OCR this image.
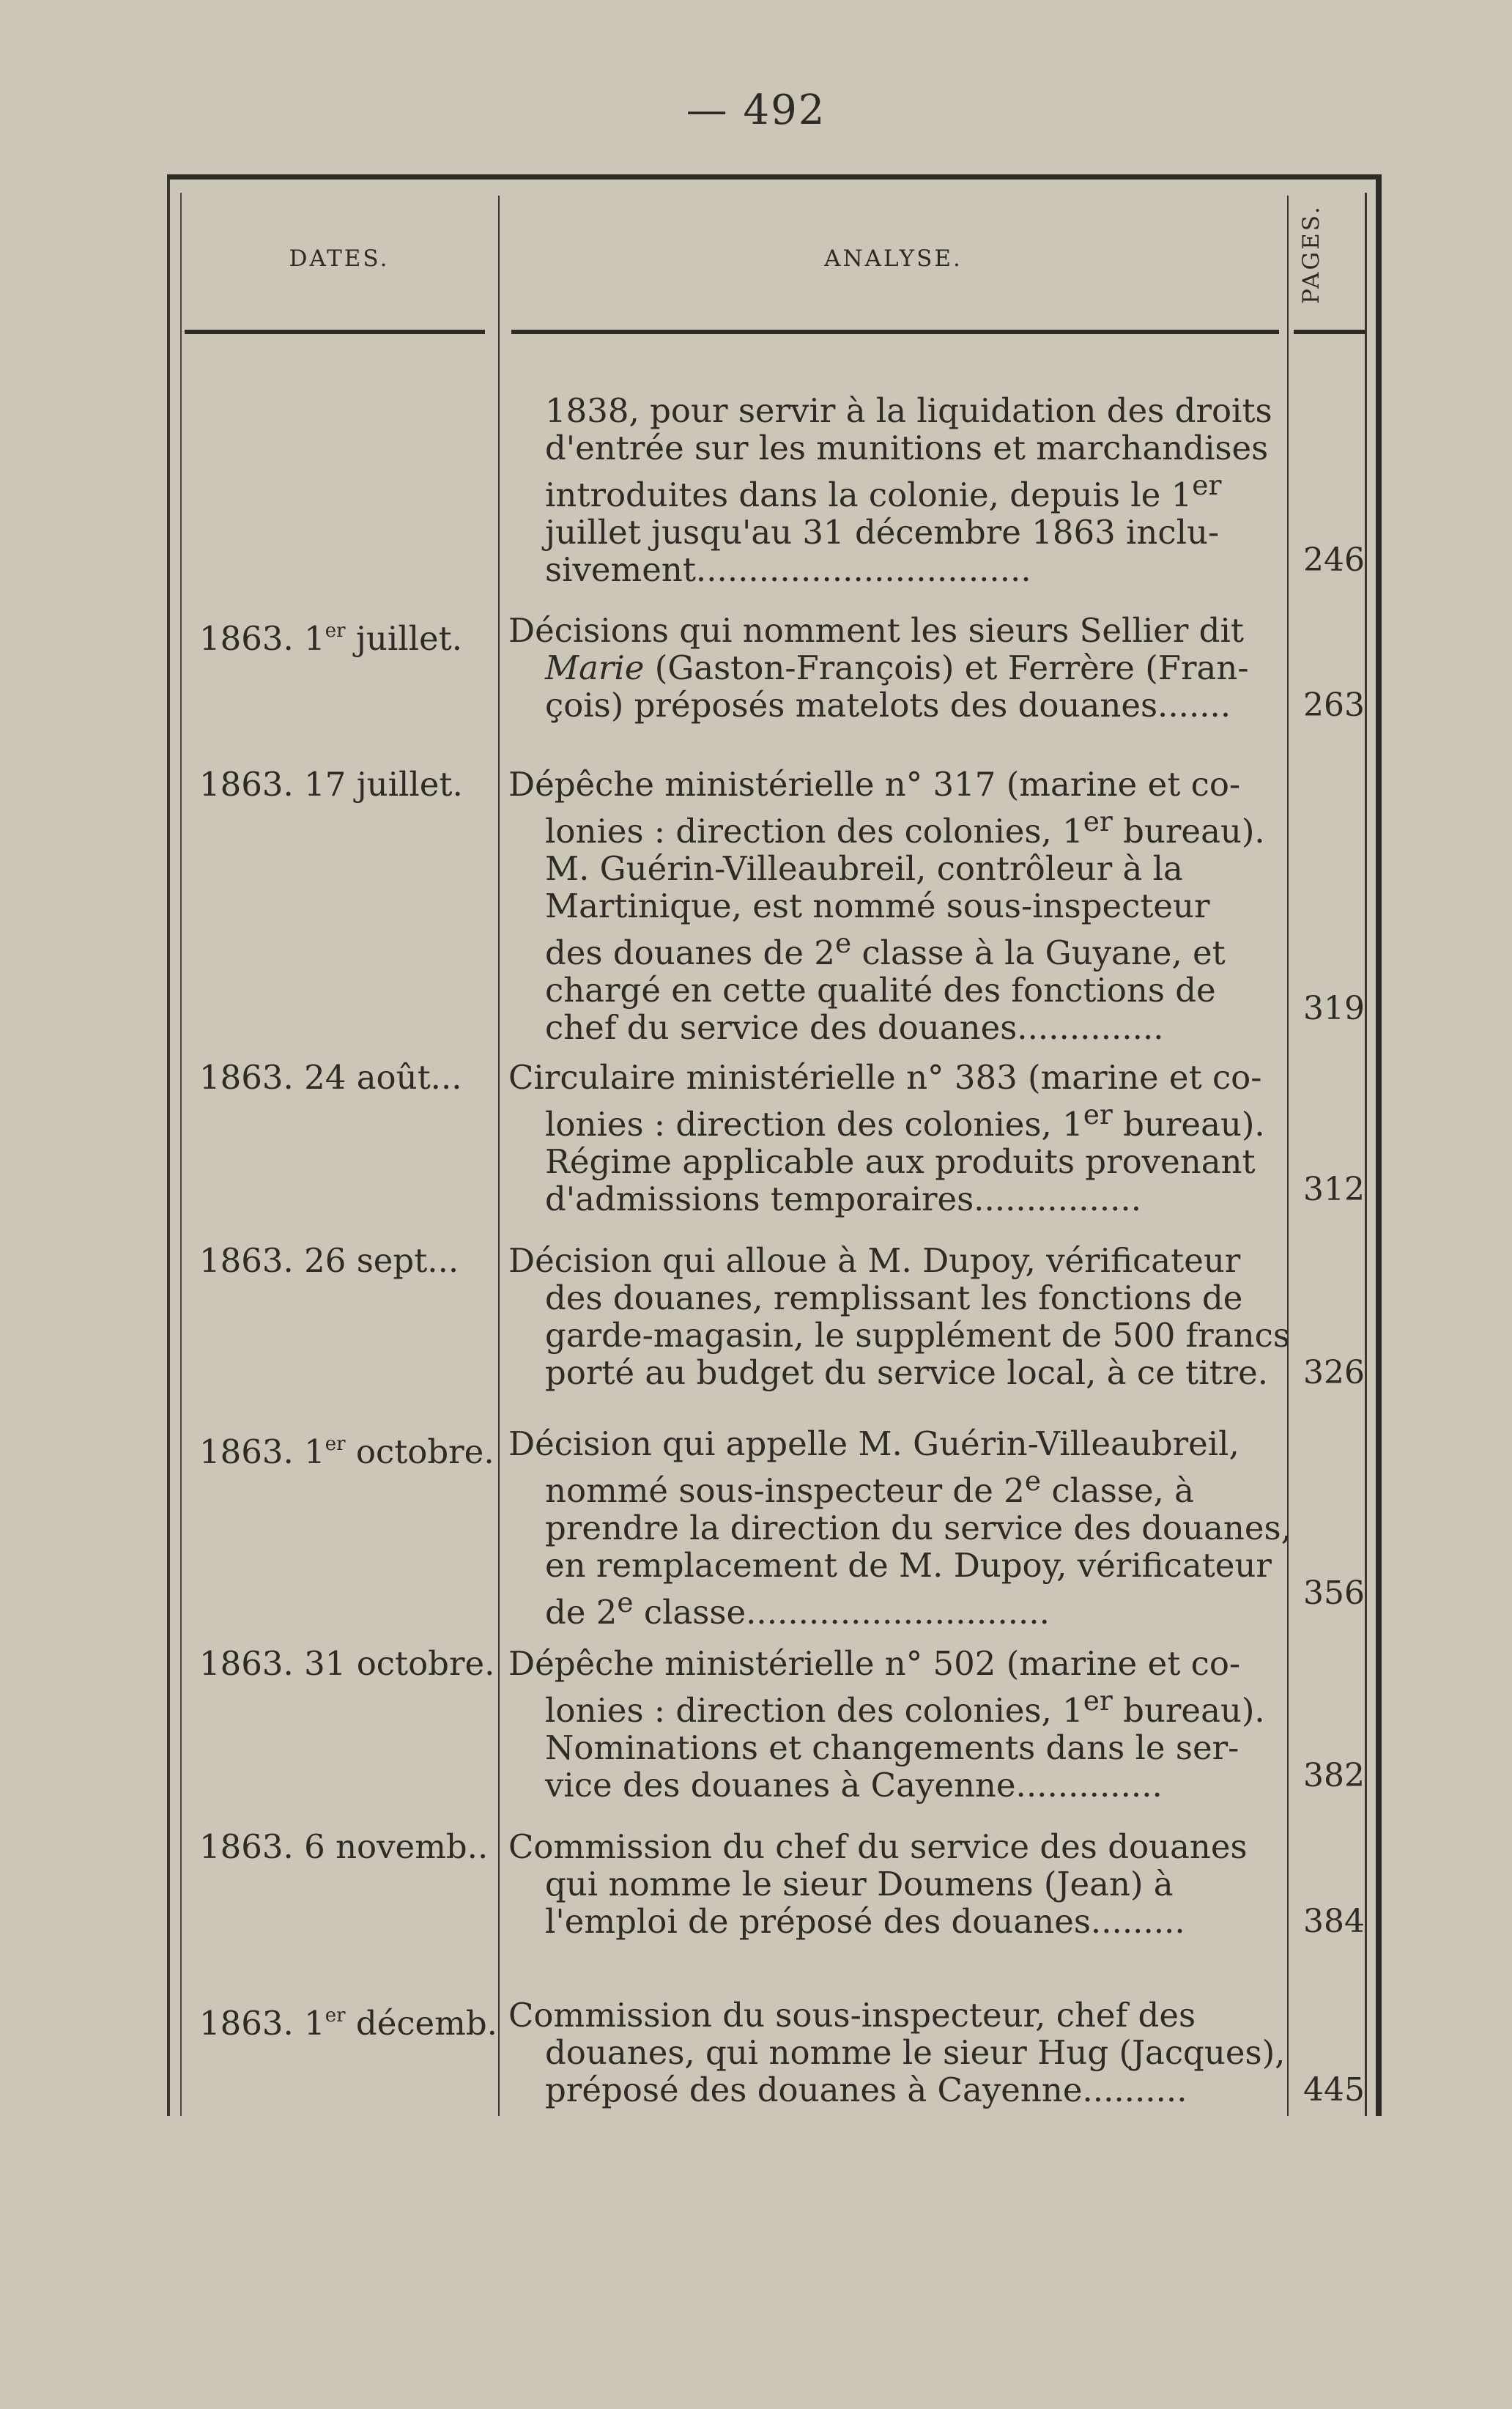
— 492
DATES.	ANALYSE.	PAGES.

1838, pour servir à la liquidation des droits

d'entrée sur les munitions et marchandises

introduites dans la colonie, depuis le 1er

juillet jusqu'au 31 décembre 1863 inclu-

sivement................................	246
1863. 1er juillet.	Décisions qui nomment les sieurs Sellier dit

Marie (Gaston-François) et Ferrère (Fran-

çois) préposés matelots des douanes.......	263
1863. 17 juillet.	Dépêche ministérielle n° 317 (marine et co-

lonies : direction des colonies, 1er bureau).

M. Guérin-Villeaubreil, contrôleur à la

Martinique, est nommé sous-inspecteur

des douanes de 2e classe à la Guyane, et

chargé en cette qualité des fonctions de

chef du service des douanes..............	319
1863. 24 août...	Circulaire ministérielle n° 383 (marine et co-

lonies : direction des colonies, 1er bureau).

Régime applicable aux produits provenant

d'admissions temporaires................	312
1863. 26 sept...	Décision qui alloue à M. Dupoy, vérificateur

des douanes, remplissant les fonctions de

garde-magasin, le supplément de 500 francs

porté au budget du service local, à ce titre.	326
1863. 1er octobre. Décision qui appelle M. Guérin-Villeaubreil,

nommé sous-inspecteur de 2e classe, à

prendre la direction du service des douanes,

en remplacement de M. Dupoy, vérificateur

de 2e classe.............................	356
1863. 31 octobre. Dépêche ministérielle n° 502 (marine et co-

lonies : direction des colonies, 1er bureau).

Nominations et changements dans le ser-

vice des douanes à Cayenne..............	382
1863. 6 novemb.. Commission du chef du service des douanes

qui nomme le sieur Doumens (Jean) à

l'emploi de préposé des douanes.........	384
1863. 1er décemb. Commission du sous-inspecteur, chef des

douanes, qui nomme le sieur Hug (Jacques),

préposé des douanes à Cayenne..........	445
